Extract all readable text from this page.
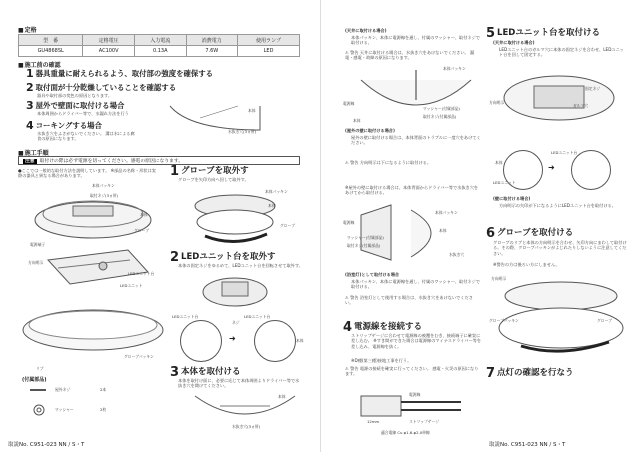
■ 定格
型　番	定格電圧	入力電流	消費電力	使用ランプ
GU4868SL	AC100V	0.13A	7.6W	LED
■ 施工前の確認
1 器具重量に耐えられるよう、取付部の強度を確保する
2 取付面が十分乾燥していることを確認する
器具や取付部の変色の原因となります。
3 屋外で壁面に取付ける場合
本体周囲からドライバー等で、水漏れ方法を行う
4 コーキングする場合
水抜き穴をふさがないでください。 溝は水による腐食の原因になります。
本体
水抜き穴(3ヵ所)
■ 施工手順
注意 取付けの際は必ず電源を切ってください。感電の原因になります。
●ここでは一般的な取付方法を説明しています。 ※部品の名称・形状は実際の器具と異なる場合があります。
本体パッキン
取付ネジ(3ヵ所)
本体
グローブ
電源端子
LEDユニット台
LEDユニット
方向明示
グローブパッキン
リブ
(付属部品)
屋外ネジ	2本
ワッシャー	2枚
1 グローブを取外す
グローブを矢印方向へ回して取外す。
本体パッキン
本体
グローブ
2 LEDユニット台を取外す
本体の固定ネジをゆるめて、LEDユニット台を回転させて取外す。
➜
LEDユニット台	LEDユニット台
ネジ
本体
3 本体を取付ける
本体を取付け面に、必要に応じて本体周囲よりドライバー等で水抜き穴を開けてください。
本体
水抜き穴(3ヵ所)
取説No. C951-023 NN / S・T
(天井に取付ける場合)
本体パッキン、本体に電源線を通し、付属のワッシャー、取付ネジで取付ける。
⚠ 警告 天井に取付ける場合は、水抜き穴をあけないでください。 漏電・感電・故障の原因になります。
本体パッキン
電源線
本体
ワッシャー(付属部品)
取付ネジ(付属部品)
(屋外の壁に取付ける場合)
屋外の壁に取付ける場合は、本体背面のトラブルに一度穴をあけてください。
⚠ 警告 方向明示は下になるように取付ける。
※屋外の壁に取付ける場合は、本体背面からドライバー等で水抜き穴をあけてから取付ける。
本体パッキン
電源線
本体
水抜き穴
ワッシャー(付属部品)
取付ネジ(付属部品)
(浴室灯)として取付ける場合
本体パッキン、本体に電源線を通し、付属のワッシャー、取付ネジで取付ける。
⚠ 警告 浴室灯として使用する場合は、水抜き穴をあけないでください。
4 電源線を接続する
ストリップゲージに合わせて電源線の被覆をむき、接続端子に確実に差し込む。 ※すき間ができた場合は電源線のマイナスドライバー等を差し込み、電源線を抜く。
※D種(第三種)接地工事を行う。
⚠ 警告 電源の接続を確実に行ってください。 感電・火災の原因になります。
電源線
ストリップゲージ
12mm
適合電線 Cu φ1.6-φ2.0単線
5 LEDユニット台を取付ける
(天井に取付ける場合)
LEDユニット台のガルマ穴に本体の固定ネジを合わせ、LEDユニット台を回して固定する。
方向明示
固定ネジ
ガルマ穴
➜
LEDユニット台
LEDユニット
本体
(壁に取付ける場合)
方向明示の矢印が下になるようにLEDユニット台を取付ける。
6 グローブを取付ける
グローブのリブと本体の方向明示を合わせ、矢印方向にまわして取付ける。その際、グローブパッキンがよじれたりしないように注意してください。
※警告の方は後ろい方にしません。
方向明示
グローブパッキン	グローブ
7 点灯の確認を行なう
取説No. C951-023 NN / S・T
